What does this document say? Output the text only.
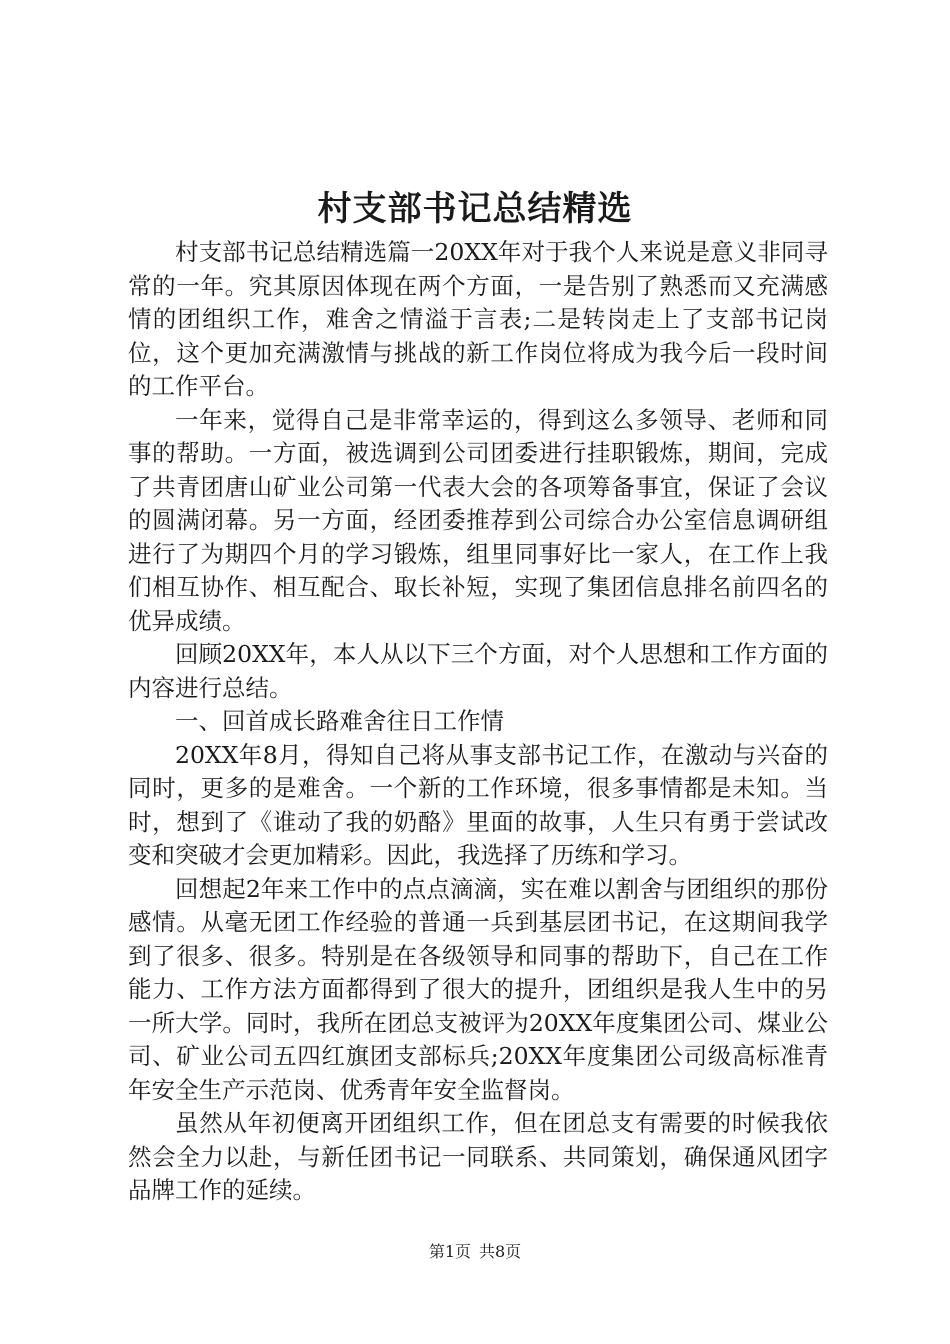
村支部书记总结精选

村支部书记总结精选篇一20XX年对于我个人来说是意义非同寻常的一年。究其原因体现在两个方面，一是告别了熟悉而又充满感情的团组织工作，难舍之情溢于言表;二是转岗走上了支部书记岗位，这个更加充满激情与挑战的新工作岗位将成为我今后一段时间的工作平台。

一年来，觉得自己是非常幸运的，得到这么多领导、老师和同事的帮助。一方面，被选调到公司团委进行挂职锻炼，期间，完成了共青团唐山矿业公司第一代表大会的各项筹备事宜，保证了会议的圆满闭幕。另一方面，经团委推荐到公司综合办公室信息调研组进行了为期四个月的学习锻炼，组里同事好比一家人，在工作上我们相互协作、相互配合、取长补短，实现了集团信息排名前四名的优异成绩。

回顾20XX年，本人从以下三个方面，对个人思想和工作方面的内容进行总结。

一、回首成长路难舍往日工作情

20XX年8月，得知自己将从事支部书记工作，在激动与兴奋的同时，更多的是难舍。一个新的工作环境，很多事情都是未知。当时，想到了《谁动了我的奶酪》里面的故事，人生只有勇于尝试改变和突破才会更加精彩。因此，我选择了历练和学习。

回想起2年来工作中的点点滴滴，实在难以割舍与团组织的那份感情。从毫无团工作经验的普通一兵到基层团书记，在这期间我学到了很多、很多。特别是在各级领导和同事的帮助下，自己在工作能力、工作方法方面都得到了很大的提升，团组织是我人生中的另一所大学。同时，我所在团总支被评为20XX年度集团公司、煤业公司、矿业公司五四红旗团支部标兵;20XX年度集团公司级高标准青年安全生产示范岗、优秀青年安全监督岗。

虽然从年初便离开团组织工作，但在团总支有需要的时候我依然会全力以赴，与新任团书记一同联系、共同策划，确保通风团字品牌工作的延续。

第1页 共8页
